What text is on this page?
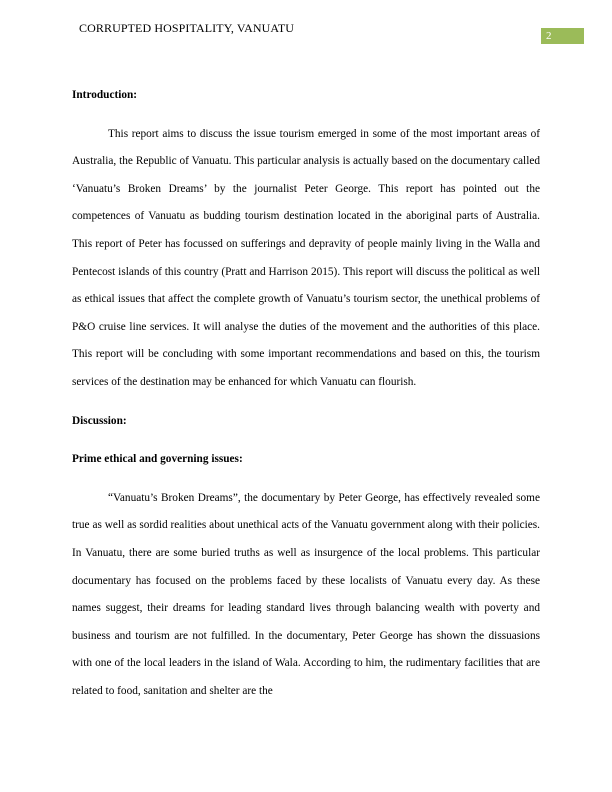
CORRUPTED HOSPITALITY, VANUATU
2
Introduction:

This report aims to discuss the issue tourism emerged in some of the most important areas of Australia, the Republic of Vanuatu. This particular analysis is actually based on the documentary called ‘Vanuatu’s Broken Dreams’ by the journalist Peter George. This report has pointed out the competences of Vanuatu as budding tourism destination located in the aboriginal parts of Australia. This report of Peter has focussed on sufferings and depravity of people mainly living in the Walla and Pentecost islands of this country (Pratt and Harrison 2015). This report will discuss the political as well as ethical issues that affect the complete growth of Vanuatu’s tourism sector, the unethical problems of P&O cruise line services. It will analyse the duties of the movement and the authorities of this place. This report will be concluding with some important recommendations and based on this, the tourism services of the destination may be enhanced for which Vanuatu can flourish.

Discussion:
Prime ethical and governing issues:

“Vanuatu’s Broken Dreams”, the documentary by Peter George, has effectively revealed some true as well as sordid realities about unethical acts of the Vanuatu government along with their policies. In Vanuatu, there are some buried truths as well as insurgence of the local problems. This particular documentary has focused on the problems faced by these localists of Vanuatu every day. As these names suggest, their dreams for leading standard lives through balancing wealth with poverty and business and tourism are not fulfilled. In the documentary, Peter George has shown the dissuasions with one of the local leaders in the island of Wala. According to him, the rudimentary facilities that are related to food, sanitation and shelter are the
